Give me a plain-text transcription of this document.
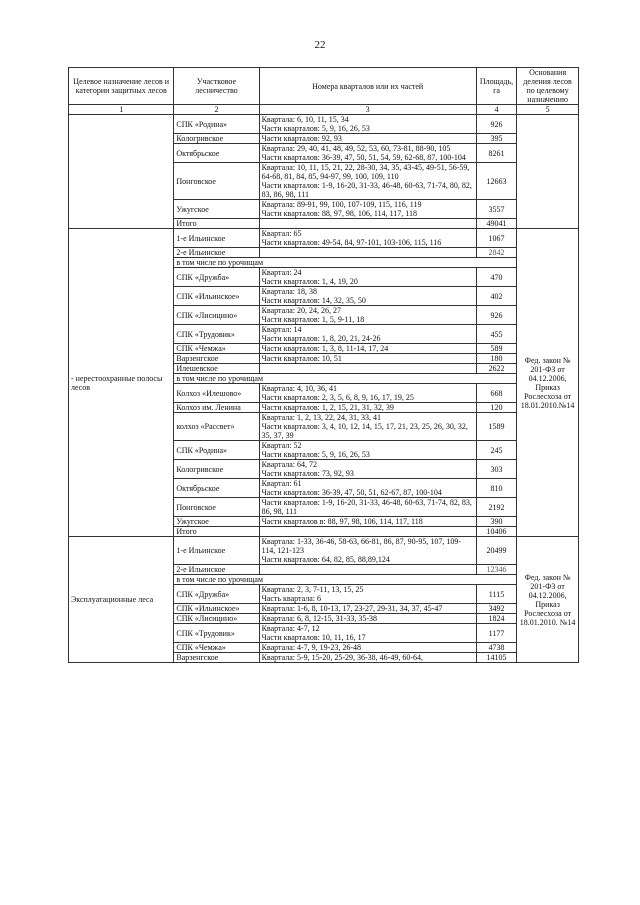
22
Целевое назначение лесов и категории защитных лесов	Участковое лесничество	Номера кварталов или их частей	Площадь, га	Основания деления лесов по целевому назначению
1	2	3	4	5
	СПК «Родина»	Квартала: 6, 10, 11, 15, 34
Части кварталов: 5, 9, 16, 26, 53	926	
	Кологривское	Части кварталов: 92, 93	395	
	Октябрьское	Квартала: 29, 40, 41, 48, 49, 52, 53, 60, 73-81, 88-90, 105
Части кварталов: 36-39, 47, 50, 51, 54, 59, 62-68, 87, 100-104	8261	
	Понговское	Квартала: 10, 11, 15, 21, 22, 28-30, 34, 35, 43-45, 49-51, 56-59, 64-68, 81, 84, 85, 94-97, 99, 100, 109, 110
Части кварталов: 1-9, 16-20, 31-33, 46-48, 60-63, 71-74, 80, 82, 83, 86, 98, 111	12663	
	Ужугское	Квартала: 89-91, 99, 100, 107-109, 115, 116, 119
Части кварталов: 88, 97, 98, 106, 114, 117, 118	3557	
	Итого		49041	
- нерестоохранные полосы лесов	1-е Ильинское	Квартал: 65
Части кварталов: 49-54, 84, 97-101, 103-106, 115, 116	1067	Фед. закон № 201-ФЗ от 04.12.2006, Приказ Рослесхоза от 18.01.2010.№14
	2-е Ильинское		2842	
	в том числе по урочищам			
	СПК «Дружба»	Квартал: 24
Части кварталов: 1, 4, 19, 20	470	
	СПК «Ильинское»	Квартала: 18, 38
Части кварталов: 14, 32, 35, 50	402	
	СПК «Лисицино»	Квартала: 20, 24, 26, 27
Части кварталов: 1, 5, 9-11, 18	926	
	СПК «Трудовик»	Квартал: 14
Части кварталов: 1, 8, 20, 21, 24-26	455	
	СПК «Чемжа»	Части кварталов: 1, 3, 8, 11-14, 17, 24	589	
	Варзенгское	Части кварталов: 10, 51	180	
	Илешевское		2622	
	в том числе по урочищам			
	Колхоз «Илешово»	Квартала: 4, 10, 36, 41
Части кварталов: 2, 3, 5, 6, 8, 9, 16, 17, 19, 25	668	
	Колхоз им. Ленина	Части кварталов: 1, 2, 15, 21, 31, 32, 39	120	
	колхоз «Рассвет»	Квартала: 1, 2, 13, 22, 24, 31, 33, 41
Части кварталов: 3, 4, 10, 12, 14, 15, 17, 21, 23, 25, 26, 30, 32, 35, 37, 39	1589	
	СПК «Родина»	Квартал: 52
Части кварталов: 5, 9, 16, 26, 53	245	
	Кологривское	Квартала: 64, 72
Части кварталов: 73, 92, 93	303	
	Октябрьское	Квартал: 61
Части кварталов: 36-39, 47, 50, 51, 62-67, 87, 100-104	810	
	Понговское	Части кварталов: 1-9, 16-20, 31-33, 46-48, 60-63, 71-74, 82, 83, 86, 98, 111	2192	
	Ужугское	Части кварталов в: 88, 97, 98, 106, 114, 117, 118	390	
	Итого		10406	
Эксплуатационные леса	1-е Ильинское	Квартала: 1-33, 36-46, 58-63, 66-81, 86, 87, 90-95, 107, 109-114, 121-123
Части кварталов: 64, 82, 85, 88,89,124	20499	Фед. закон № 201-ФЗ от 04.12.2006, Приказ Рослесхоза от 18.01.2010. №14
	2-е Ильинское		12346	
	в том числе по урочищам			
	СПК «Дружба»	Квартала: 2, 3, 7-11, 13, 15, 25
Часть квартала: 6	1115	
	СПК «Ильинское»	Квартала: 1-6, 8, 10-13, 17, 23-27, 29-31, 34, 37, 45-47	3492	
	СПК «Лисицино»	Квартала: 6, 8, 12-15, 31-33, 35-38	1824	
	СПК «Трудовик»	Квартала: 4-7, 12
Части кварталов: 10, 11, 16, 17	1177	
	СПК «Чемжа»	Квартала: 4-7, 9, 19-23, 26-48	4738	
	Варзенгское	Квартала: 5-9, 15-20, 25-29, 36-38, 46-49, 60-64,	14105	
